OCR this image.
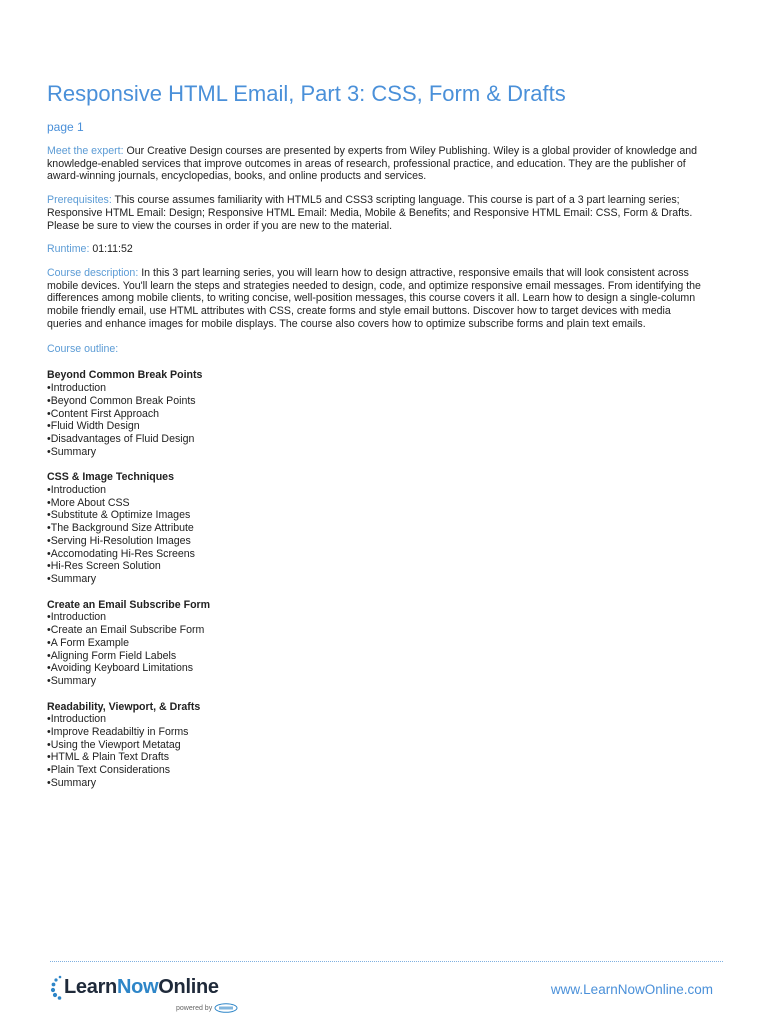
Responsive HTML Email, Part 3: CSS, Form & Drafts
page 1

Meet the expert: Our Creative Design courses are presented by experts from Wiley Publishing. Wiley is a global provider of knowledge and knowledge-enabled services that improve outcomes in areas of research, professional practice, and education. They are the publisher of award-winning journals, encyclopedias, books, and online products and services.

Prerequisites: This course assumes familiarity with HTML5 and CSS3 scripting language. This course is part of a 3 part learning series; Responsive HTML Email: Design; Responsive HTML Email: Media, Mobile & Benefits; and Responsive HTML Email: CSS, Form & Drafts. Please be sure to view the courses in order if you are new to the material.

Runtime: 01:11:52

Course description: In this 3 part learning series, you will learn how to design attractive, responsive emails that will look consistent across mobile devices. You'll learn the steps and strategies needed to design, code, and optimize responsive email messages. From identifying the differences among mobile clients, to writing concise, well-position messages, this course covers it all. Learn how to design a single-column mobile friendly email, use HTML attributes with CSS, create forms and style email buttons. Discover how to target devices with media queries and enhance images for mobile displays. The course also covers how to optimize subscribe forms and plain text emails.

Course outline:
Beyond Common Break Points
• Introduction
• Beyond Common Break Points
• Content First Approach
• Fluid Width Design
• Disadvantages of Fluid Design
• Summary
CSS & Image Techniques
• Introduction
• More About CSS
• Substitute & Optimize Images
• The Background Size Attribute
• Serving Hi-Resolution Images
• Accomodating Hi-Res Screens
• Hi-Res Screen Solution
• Summary
Create an Email Subscribe Form
• Introduction
• Create an Email Subscribe Form
• A Form Example
• Aligning Form Field Labels
• Avoiding Keyboard Limitations
• Summary
Readability, Viewport, & Drafts
• Introduction
• Improve Readabiltiy in Forms
• Using the Viewport Metatag
• HTML & Plain Text Drafts
• Plain Text Considerations
• Summary
LearnNowOnline
powered by
www.LearnNowOnline.com
